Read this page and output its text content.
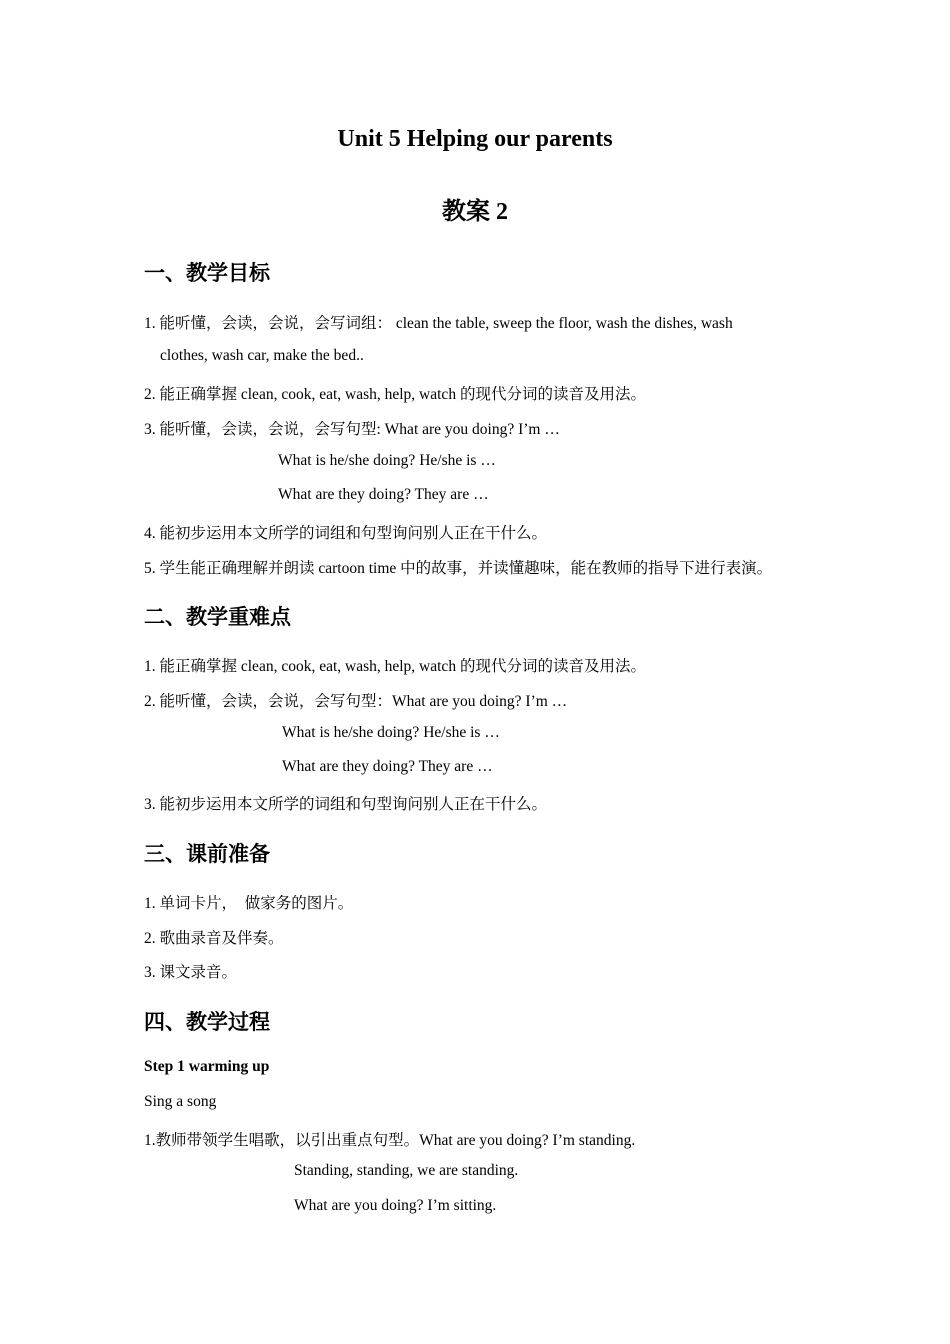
Unit 5 Helping our parents
教案 2
一、教学目标

1. 能听懂，会读，会说，会写词组： clean the table, sweep the floor, wash the dishes, wash

clothes, wash car, make the bed..

2. 能正确掌握 clean, cook, eat, wash, help, watch 的现代分词的读音及用法。

3. 能听懂，会读，会说，会写句型: What are you doing? I’m …

What is he/she doing? He/she is …

What are they doing? They are …

4. 能初步运用本文所学的词组和句型询问别人正在干什么。

5. 学生能正确理解并朗读 cartoon time 中的故事，并读懂趣味，能在教师的指导下进行表演。

二、教学重难点

1. 能正确掌握 clean, cook, eat, wash, help, watch 的现代分词的读音及用法。

2. 能听懂，会读，会说，会写句型：What are you doing? I’m …

What is he/she doing? He/she is …

What are they doing? They are …

3. 能初步运用本文所学的词组和句型询问别人正在干什么。

三、课前准备

1. 单词卡片，　做家务的图片。

2. 歌曲录音及伴奏。

3. 课文录音。

四、教学过程

Step 1 warming up

Sing a song

1.教师带领学生唱歌，以引出重点句型。What are you doing? I’m standing.

Standing, standing, we are standing.

What are you doing? I’m sitting.
